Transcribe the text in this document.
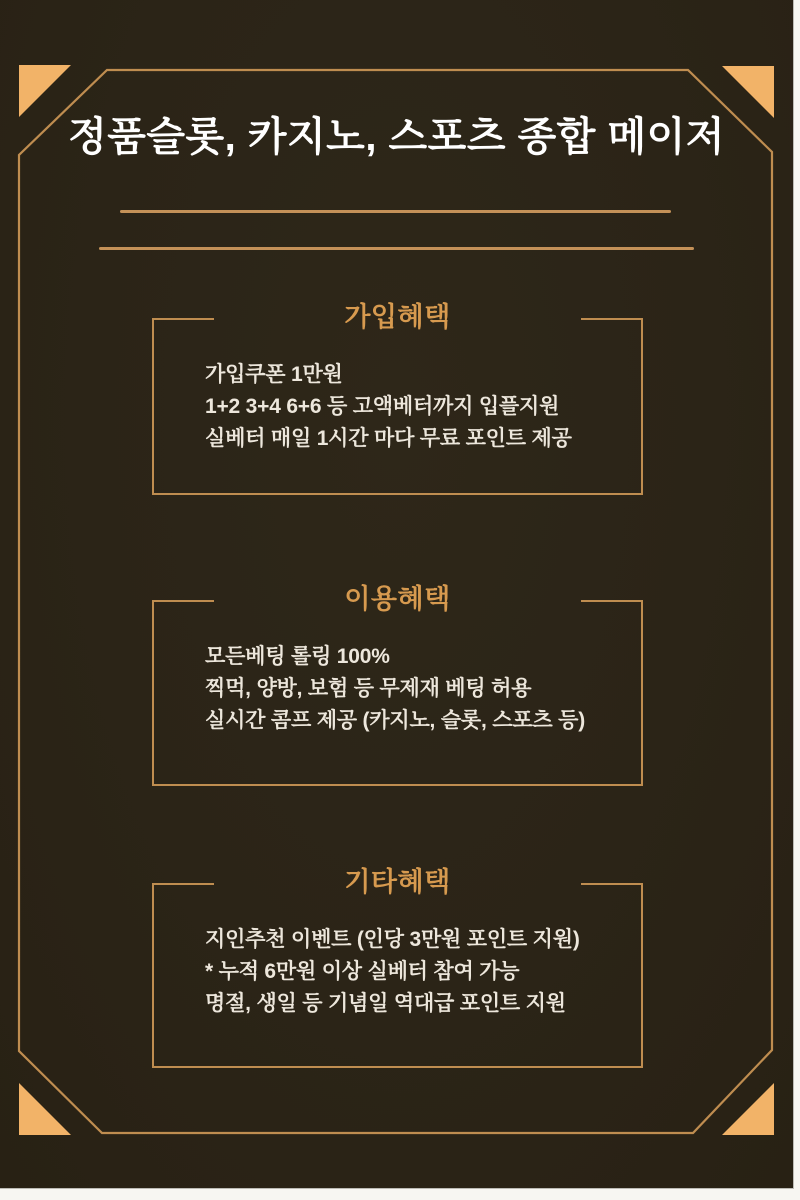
정품슬롯, 카지노, 스포츠 종합 메이저
가입혜택
가입쿠폰 1만원
1+2 3+4 6+6 등 고액베터까지 입플지원
실베터 매일 1시간 마다 무료 포인트 제공
이용혜택
모든베팅 롤링 100%
찍먹, 양방, 보험 등 무제재 베팅 허용
실시간 콤프 제공 (카지노, 슬롯, 스포츠 등)
기타혜택
지인추천 이벤트 (인당 3만원 포인트 지원)
* 누적 6만원 이상 실베터 참여 가능
명절, 생일 등 기념일 역대급 포인트 지원
